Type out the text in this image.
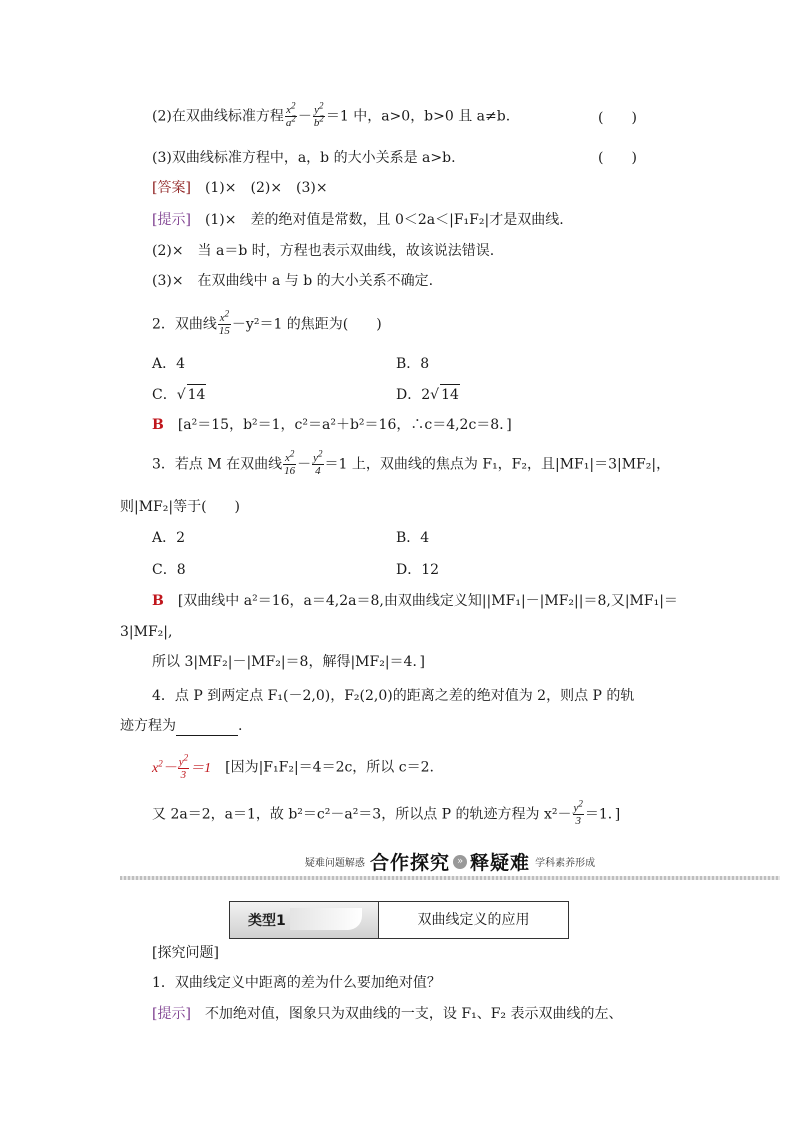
(2)在双曲线标准方程 $\frac{x^2}{a^2} - \frac{y^2}{b^2} =1$ 中，a>0，b>0 且 a≠b.	(　　)
(3)双曲线标准方程中，a，b 的大小关系是 a>b.	(　　)
[答案]　 (1)×　(2)×　(3)×
[提示]　 (1)×　差的绝对值是常数，且 0＜2a＜|F₁F₂|才是双曲线.
(2)×　当 a＝b 时，方程也表示双曲线，故该说法错误.
(3)×　在双曲线中 a 与 b 的大小关系不确定.
2．双曲线 $\frac{x^2}{15} -y^2=1$ 的焦距为(　　)
A．4	B．8
C．√ 14	D．2√ 14
B　 [a²＝15，b²＝1，c²＝a²＋b²＝16，∴c＝4,2c＝8．]
3．若点 M 在双曲线 $\frac{x^2}{16} - \frac{y^2}{4} =1$ 上，双曲线的焦点为 F₁，F₂，且|MF₁|＝3|MF₂|，
则|MF₂|等于(　　)
A．2	B．4
C．8	D．12
B　 [双曲线中 a²＝16，a＝4,2a＝8,由双曲线定义知||MF₁|－|MF₂||＝8,又|MF₁|＝
3|MF₂|,
所以 3|MF₂|－|MF₂|＝8，解得|MF₂|＝4．]
4．点 P 到两定点 F₁(－2,0)，F₂(2,0)的距离之差的绝对值为 2，则点 P 的轨
迹方程为	.
$x^2- \frac{y^2}{3} =1$　 [因为|F₁F₂|＝4＝2c，所以 c＝2.
又 2a＝2，a＝1，故 b²＝c²－a²＝3，所以点 P 的轨迹方程为 $x^2- \frac{y^2}{3} =1$．]
疑难问题解惑 合作探究 » 释疑难 学科素养形成
类型1	双曲线定义的应用
[探究问题]
1．双曲线定义中距离的差为什么要加绝对值？
[提示]　 不加绝对值，图象只为双曲线的一支，设 F₁、F₂ 表示双曲线的左、
